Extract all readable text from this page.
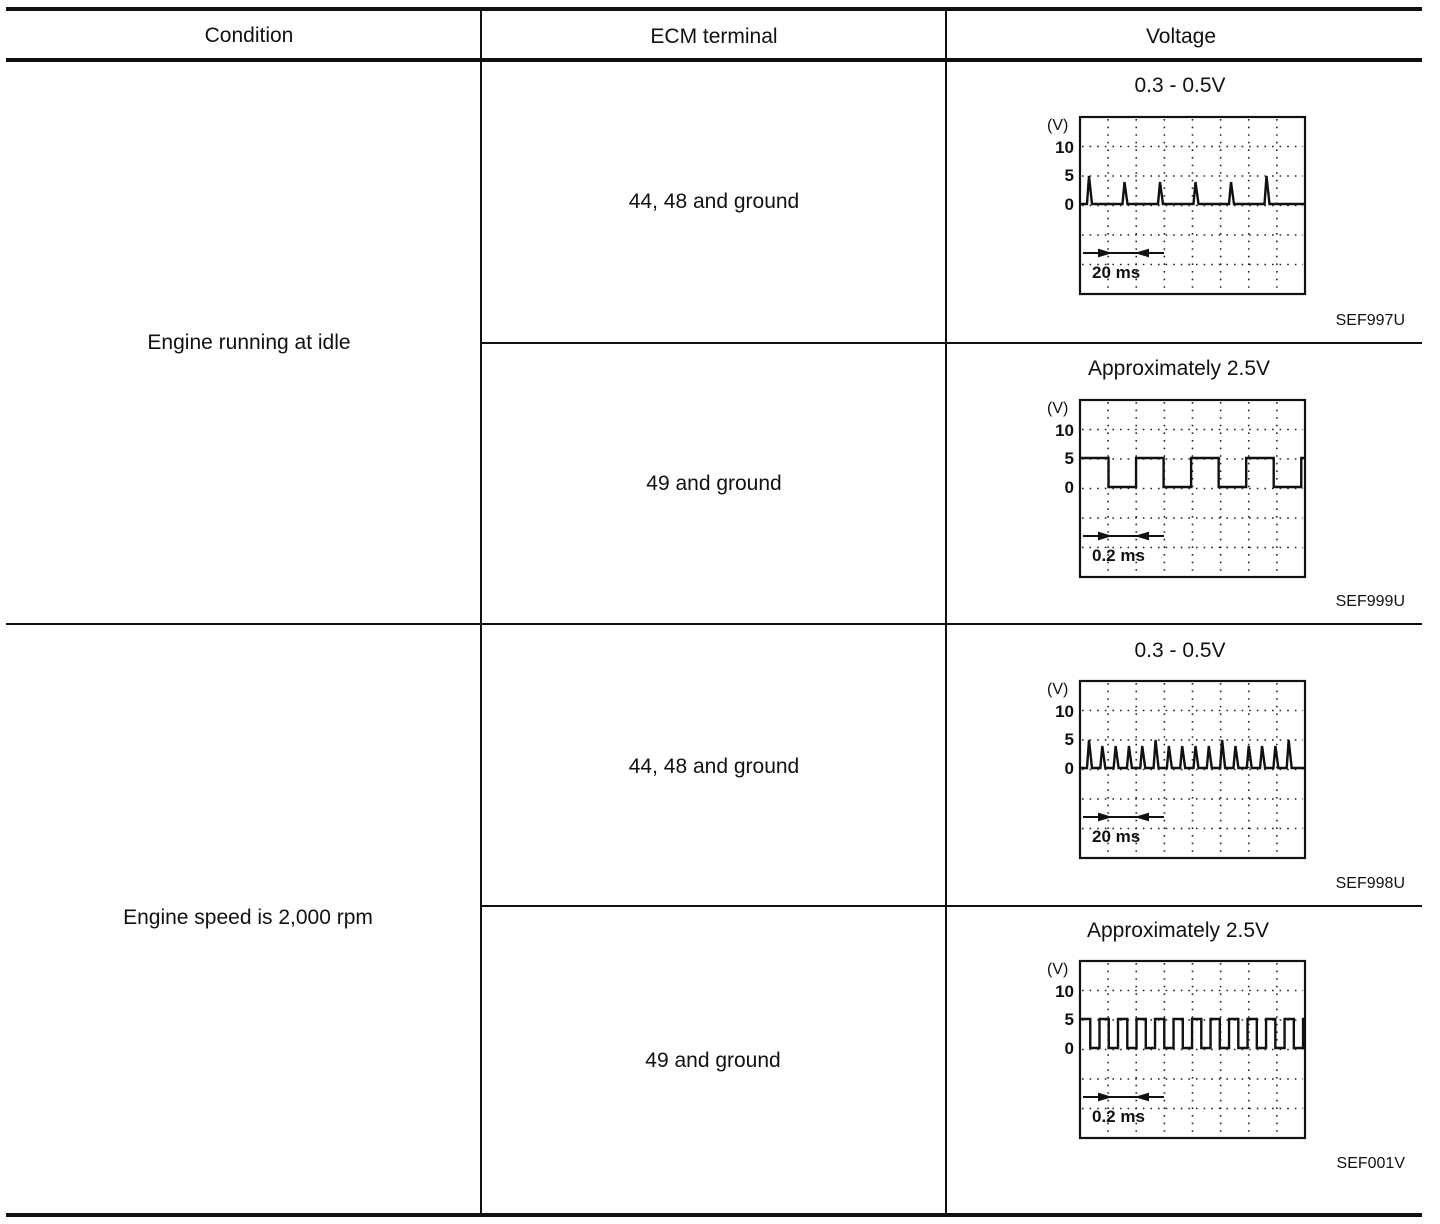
Condition	ECM terminal	Voltage
Engine running at idle
Engine speed is 2,000 rpm
44, 48 and ground
49 and ground
44, 48 and ground
49 and ground
0.3 - 0.5V
Approximately 2.5V
0.3 - 0.5V
Approximately 2.5V
SEF997U
SEF999U
SEF998U
SEF001V
(V)
10
5
0
20 ms
(V)
10
5
0
0.2 ms
(V)
10
5
0
20 ms
(V)
10
5
0
0.2 ms
